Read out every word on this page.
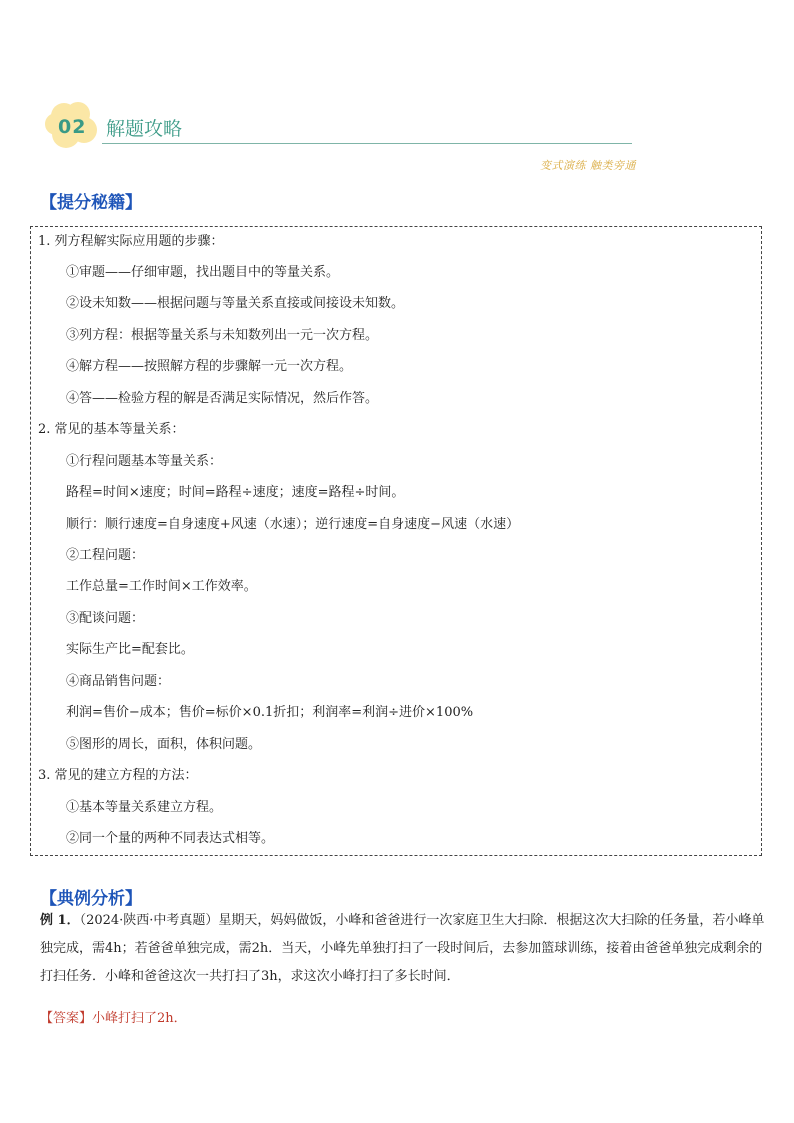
02 解题攻略
变式演练 触类旁通
【提分秘籍】
1. 列方程解实际应用题的步骤：
①审题——仔细审题，找出题目中的等量关系。
②设未知数——根据问题与等量关系直接或间接设未知数。
③列方程：根据等量关系与未知数列出一元一次方程。
④解方程——按照解方程的步骤解一元一次方程。
④答——检验方程的解是否满足实际情况，然后作答。
2. 常见的基本等量关系：
①行程问题基本等量关系：
路程=时间×速度；时间=路程÷速度；速度=路程÷时间。
顺行：顺行速度=自身速度+风速（水速）；逆行速度=自身速度−风速（水速）
②工程问题：
工作总量=工作时间×工作效率。
③配谈问题：
实际生产比=配套比。
④商品销售问题：
利润=售价−成本；售价=标价×0.1折扣；利润率=利润÷进价×100%
⑤图形的周长，面积，体积问题。
3. 常见的建立方程的方法：
①基本等量关系建立方程。
②同一个量的两种不同表达式相等。
【典例分析】
例 1．（2024·陕西·中考真题）星期天，妈妈做饭，小峰和爸爸进行一次家庭卫生大扫除．根据这次大扫除的任务量，若小峰单独完成，需4h；若爸爸单独完成，需2h．当天，小峰先单独打扫了一段时间后，去参加篮球训练，接着由爸爸单独完成剩余的打扫任务．小峰和爸爸这次一共打扫了3h，求这次小峰打扫了多长时间．
【答案】小峰打扫了2h．
